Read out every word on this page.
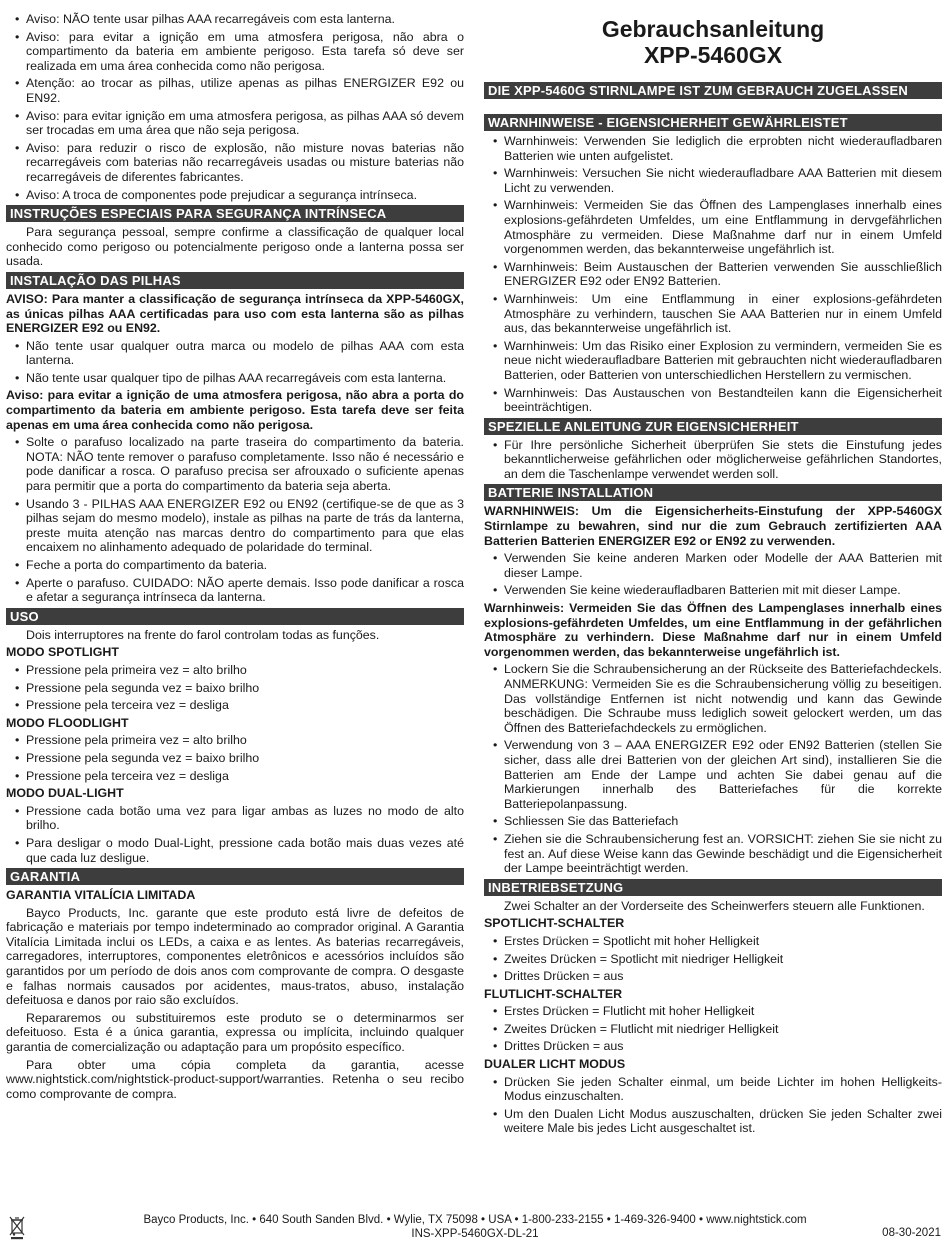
• Aviso: NÃO tente usar pilhas AAA recarregáveis com esta lanterna.
• Aviso: para evitar a ignição em uma atmosfera perigosa, não abra o compartimento da bateria em ambiente perigoso. Esta tarefa só deve ser realizada em uma área conhecida como não perigosa.
• Atenção: ao trocar as pilhas, utilize apenas as pilhas ENERGIZER E92 ou EN92.
• Aviso: para evitar ignição em uma atmosfera perigosa, as pilhas AAA só devem ser trocadas em uma área que não seja perigosa.
• Aviso: para reduzir o risco de explosão, não misture novas baterias não recarregáveis com baterias não recarregáveis usadas ou misture baterias não recarregáveis de diferentes fabricantes.
• Aviso: A troca de componentes pode prejudicar a segurança intrínseca.
INSTRUÇÕES ESPECIAIS PARA SEGURANÇA INTRÍNSECA
Para segurança pessoal, sempre confirme a classificação de qualquer local conhecido como perigoso ou potencialmente perigoso onde a lanterna possa ser usada.
INSTALAÇÃO DAS PILHAS
AVISO: Para manter a classificação de segurança intrínseca da XPP-5460GX, as únicas pilhas AAA certificadas para uso com esta lanterna são as pilhas ENERGIZER E92 ou EN92.
• Não tente usar qualquer outra marca ou modelo de pilhas AAA com esta lanterna.
• Não tente usar qualquer tipo de pilhas AAA recarregáveis com esta lanterna.
Aviso: para evitar a ignição de uma atmosfera perigosa, não abra a porta do compartimento da bateria em ambiente perigoso. Esta tarefa deve ser feita apenas em uma área conhecida como não perigosa.
• Solte o parafuso localizado na parte traseira do compartimento da bateria. NOTA: NÃO tente remover o parafuso completamente. Isso não é necessário e pode danificar a rosca. O parafuso precisa ser afrouxado o suficiente apenas para permitir que a porta do compartimento da bateria seja aberta.
• Usando 3 - PILHAS AAA ENERGIZER E92 ou EN92 (certifique-se de que as 3 pilhas sejam do mesmo modelo), instale as pilhas na parte de trás da lanterna, preste muita atenção nas marcas dentro do compartimento para que elas encaixem no alinhamento adequado de polaridade do terminal.
• Feche a porta do compartimento da bateria.
• Aperte o parafuso. CUIDADO: NÃO aperte demais. Isso pode danificar a rosca e afetar a segurança intrínseca da lanterna.
USO
Dois interruptores na frente do farol controlam todas as funções.
MODO SPOTLIGHT
• Pressione pela primeira vez = alto brilho
• Pressione pela segunda vez = baixo brilho
• Pressione pela terceira vez = desliga
MODO FLOODLIGHT
• Pressione pela primeira vez = alto brilho
• Pressione pela segunda vez = baixo brilho
• Pressione pela terceira vez = desliga
MODO DUAL-LIGHT
• Pressione cada botão uma vez para ligar ambas as luzes no modo de alto brilho.
• Para desligar o modo Dual-Light, pressione cada botão mais duas vezes até que cada luz desligue.
GARANTIA
GARANTIA VITALÍCIA LIMITADA
Bayco Products, Inc. garante que este produto está livre de defeitos de fabricação e materiais por tempo indeterminado ao comprador original. A Garantia Vitalícia Limitada inclui os LEDs, a caixa e as lentes. As baterias recarregáveis, carregadores, interruptores, componentes eletrônicos e acessórios incluídos são garantidos por um período de dois anos com comprovante de compra. O desgaste e falhas normais causados por acidentes, maus-tratos, abuso, instalação defeituosa e danos por raio são excluídos.
Repararemos ou substituiremos este produto se o determinarmos ser defeituoso. Esta é a única garantia, expressa ou implícita, incluindo qualquer garantia de comercialização ou adaptação para um propósito específico.
Para obter uma cópia completa da garantia, acesse www.nightstick.com/nightstick-product-support/warranties. Retenha o seu recibo como comprovante de compra.
Gebrauchsanleitung
XPP-5460GX
DIE XPP-5460G STIRNLAMPE IST ZUM GEBRAUCH ZUGELASSEN
WARNHINWEISE - EIGENSICHERHEIT GEWÄHRLEISTET
• Warnhinweis: Verwenden Sie lediglich die erprobten nicht wiederaufladbaren Batterien wie unten aufgelistet.
• Warnhinweis: Versuchen Sie nicht wiederaufladbare AAA Batterien mit diesem Licht zu verwenden.
• Warnhinweis: Vermeiden Sie das Öffnen des Lampenglases innerhalb eines explosions-gefährdeten Umfeldes, um eine Entflammung in dervgefährlichen Atmosphäre zu vermeiden. Diese Maßnahme darf nur in einem Umfeld vorgenommen werden, das bekannterweise ungefährlich ist.
• Warnhinweis: Beim Austauschen der Batterien verwenden Sie ausschließlich ENERGIZER E92 oder EN92 Batterien.
• Warnhinweis: Um eine Entflammung in einer explosions-gefährdeten Atmosphäre zu verhindern, tauschen Sie AAA Batterien nur in einem Umfeld aus, das bekannterweise ungefährlich ist.
• Warnhinweis: Um das Risiko einer Explosion zu vermindern, vermeiden Sie es neue nicht wiederaufladbare Batterien mit gebrauchten nicht wiederaufladbaren Batterien, oder Batterien von unterschiedlichen Herstellern zu vermischen.
• Warnhinweis: Das Austauschen von Bestandteilen kann die Eigensicherheit beeinträchtigen.
SPEZIELLE ANLEITUNG ZUR EIGENSICHERHEIT
• Für Ihre persönliche Sicherheit überprüfen Sie stets die Einstufung jedes bekanntlicherweise gefährlichen oder möglicherweise gefährlichen Standortes, an dem die Taschenlampe verwendet werden soll.
BATTERIE INSTALLATION
WARNHINWEIS: Um die Eigensicherheits-Einstufung der XPP-5460GX Stirnlampe zu bewahren, sind nur die zum Gebrauch zertifizierten AAA Batterien Batterien ENERGIZER E92 or EN92 zu verwenden.
• Verwenden Sie keine anderen Marken oder Modelle der AAA Batterien mit dieser Lampe.
• Verwenden Sie keine wiederaufladbaren Batterien mit mit dieser Lampe.
Warnhinweis: Vermeiden Sie das Öffnen des Lampenglases innerhalb eines explosions-gefährdeten Umfeldes, um eine Entflammung in der gefährlichen Atmosphäre zu verhindern. Diese Maßnahme darf nur in einem Umfeld vorgenommen werden, das bekannterweise ungefährlich ist.
• Lockern Sie die Schraubensicherung an der Rückseite des Batteriefachdeckels. ANMERKUNG: Vermeiden Sie es die Schraubensicherung völlig zu beseitigen. Das vollständige Entfernen ist nicht notwendig und kann das Gewinde beschädigen. Die Schraube muss lediglich soweit gelockert werden, um das Öffnen des Batteriefachdeckels zu ermöglichen.
• Verwendung von 3 – AAA ENERGIZER E92 oder EN92 Batterien (stellen Sie sicher, dass alle drei Batterien von der gleichen Art sind), installieren Sie die Batterien am Ende der Lampe und achten Sie dabei genau auf die Markierungen innerhalb des Batteriefaches für die korrekte Batteriepolanpassung.
• Schliessen Sie das Batteriefach
• Ziehen sie die Schraubensicherung fest an. VORSICHT: ziehen Sie sie nicht zu fest an. Auf diese Weise kann das Gewinde beschädigt und die Eigensicherheit der Lampe beeinträchtigt werden.
INBETRIEBSETZUNG
Zwei Schalter an der Vorderseite des Scheinwerfers steuern alle Funktionen.
SPOTLICHT-SCHALTER
• Erstes Drücken = Spotlicht mit hoher Helligkeit
• Zweites Drücken = Spotlicht mit niedriger Helligkeit
• Drittes Drücken = aus
FLUTLICHT-SCHALTER
• Erstes Drücken = Flutlicht mit hoher Helligkeit
• Zweites Drücken = Flutlicht mit niedriger Helligkeit
• Drittes Drücken = aus
DUALER LICHT MODUS
• Drücken Sie jeden Schalter einmal, um beide Lichter im hohen Helligkeits-Modus einzuschalten.
• Um den Dualen Licht Modus auszuschalten, drücken Sie jeden Schalter zwei weitere Male bis jedes Licht ausgeschaltet ist.
Bayco Products, Inc. • 640 South Sanden Blvd. • Wylie, TX 75098 • USA • 1-800-233-2155 • 1-469-326-9400 • www.nightstick.com
INS-XPP-5460GX-DL-21	08-30-2021
